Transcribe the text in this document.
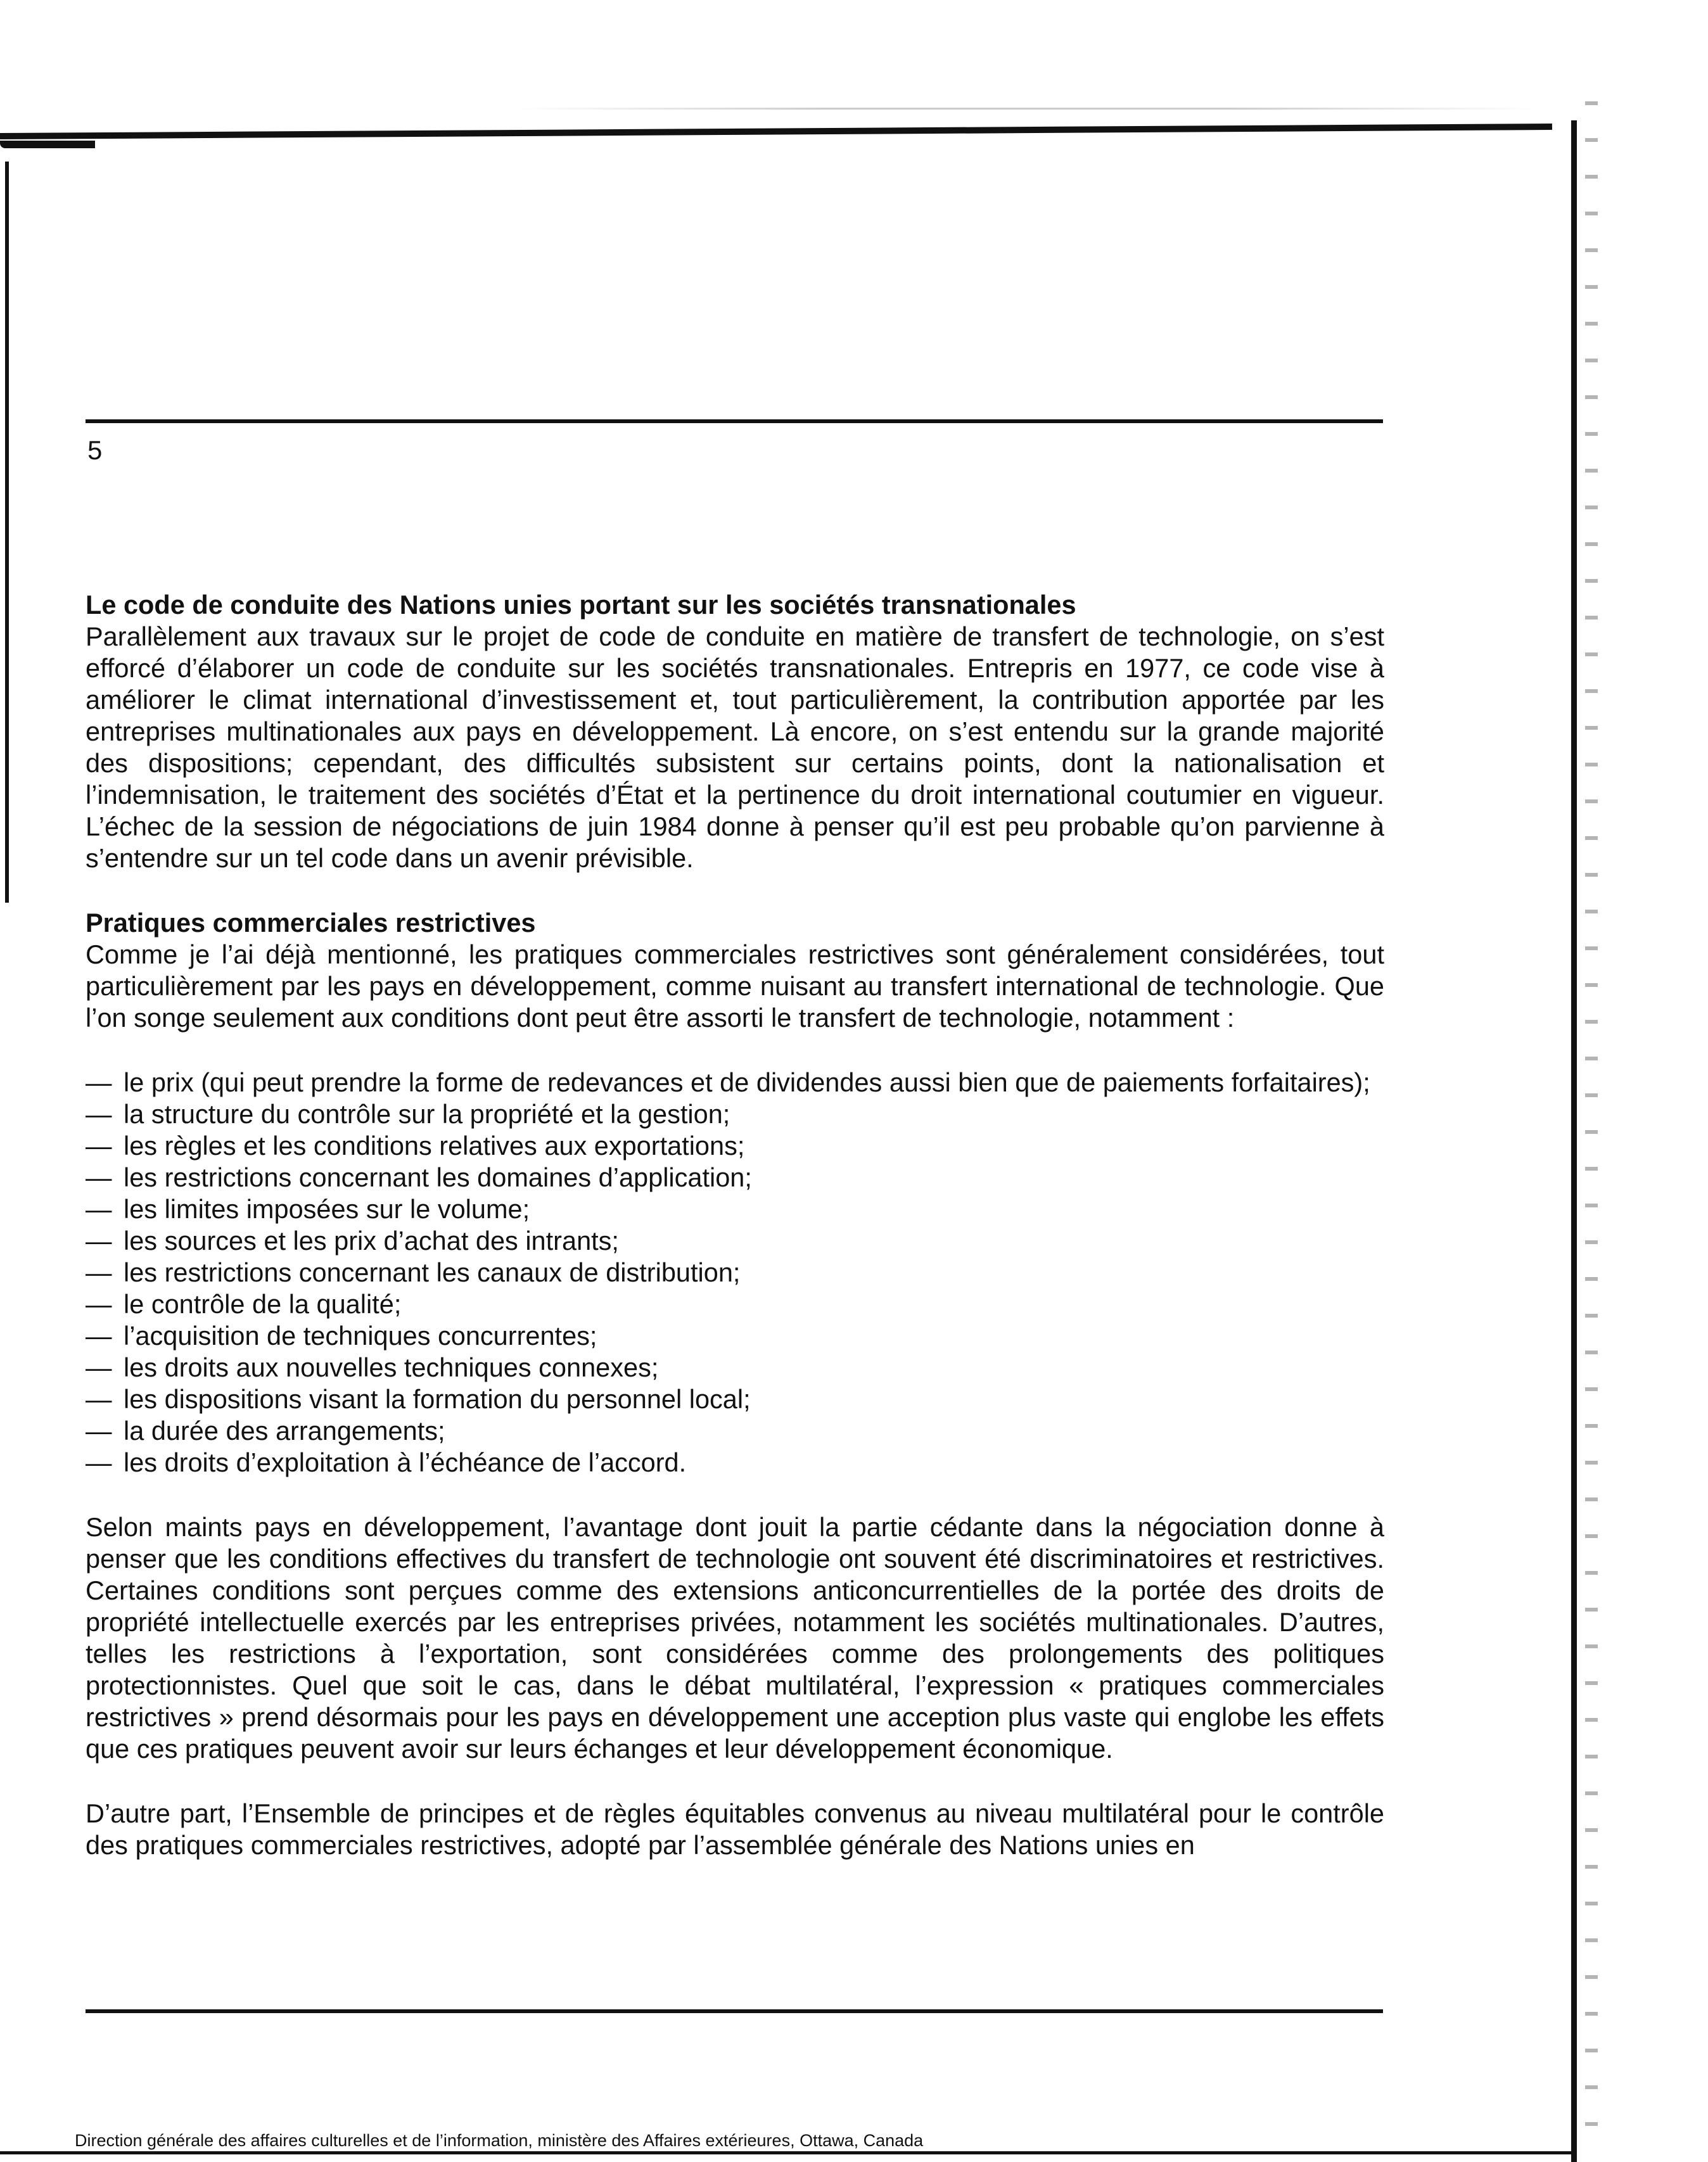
5
Le code de conduite des Nations unies portant sur les sociétés transnationales

Parallèlement aux travaux sur le projet de code de conduite en matière de transfert de technologie, on s’est efforcé d’élaborer un code de conduite sur les sociétés transnationales. Entrepris en 1977, ce code vise à améliorer le climat international d’investissement et, tout particulièrement, la contribution apportée par les entreprises multinationales aux pays en développement. Là encore, on s’est entendu sur la grande majorité des dispositions; cependant, des difficultés subsistent sur certains points, dont la nationalisation et l’indemnisation, le traitement des sociétés d’État et la pertinence du droit international coutumier en vigueur. L’échec de la session de négociations de juin 1984 donne à penser qu’il est peu probable qu’on parvienne à s’entendre sur un tel code dans un avenir prévisible.

Pratiques commerciales restrictives

Comme je l’ai déjà mentionné, les pratiques commerciales restrictives sont généralement considérées, tout particulièrement par les pays en développement, comme nuisant au transfert international de technologie. Que l’on songe seulement aux conditions dont peut être assorti le transfert de technologie, notamment :

— le prix (qui peut prendre la forme de redevances et de dividendes aussi bien que de paiements forfaitaires);
— la structure du contrôle sur la propriété et la gestion;
— les règles et les conditions relatives aux exportations;
— les restrictions concernant les domaines d’application;
— les limites imposées sur le volume;
— les sources et les prix d’achat des intrants;
— les restrictions concernant les canaux de distribution;
— le contrôle de la qualité;
— l’acquisition de techniques concurrentes;
— les droits aux nouvelles techniques connexes;
— les dispositions visant la formation du personnel local;
— la durée des arrangements;
— les droits d’exploitation à l’échéance de l’accord.

Selon maints pays en développement, l’avantage dont jouit la partie cédante dans la négociation donne à penser que les conditions effectives du transfert de technologie ont souvent été discriminatoires et restrictives. Certaines conditions sont perçues comme des extensions anticoncurrentielles de la portée des droits de propriété intellectuelle exercés par les entreprises privées, notamment les sociétés multinationales. D’autres, telles les restrictions à l’exportation, sont considérées comme des prolongements des politiques protectionnistes. Quel que soit le cas, dans le débat multilatéral, l’expression « pratiques commerciales restrictives » prend désormais pour les pays en développement une acception plus vaste qui englobe les effets que ces pratiques peuvent avoir sur leurs échanges et leur développement économique.

D’autre part, l’Ensemble de principes et de règles équitables convenus au niveau multilatéral pour le contrôle des pratiques commerciales restrictives, adopté par l’assemblée générale des Nations unies en

Direction générale des affaires culturelles et de l’information, ministère des Affaires extérieures, Ottawa, Canada
